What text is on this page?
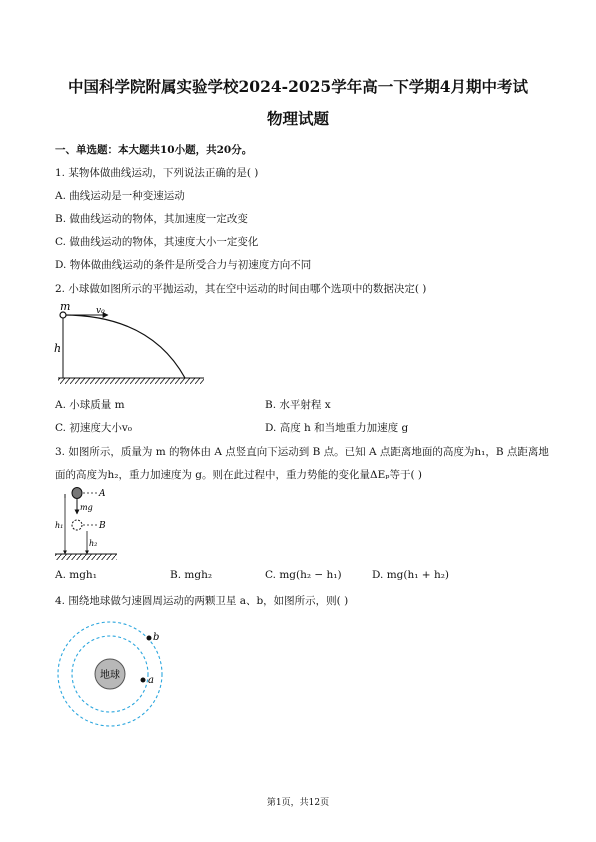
中国科学院附属实验学校2024-2025学年高一下学期4月期中考试
物理试题
一、单选题：本大题共10小题，共20分。
1. 某物体做曲线运动，下列说法正确的是( )
A. 曲线运动是一种变速运动
B. 做曲线运动的物体，其加速度一定改变
C. 做曲线运动的物体，其速度大小一定变化
D. 物体做曲线运动的条件是所受合力与初速度方向不同
2. 小球做如图所示的平抛运动，其在空中运动的时间由哪个选项中的数据决定( )
m	v₀
h
A. 小球质量 m	B. 水平射程 x
C. 初速度大小v₀	D. 高度 h 和当地重力加速度 g
3. 如图所示，质量为 m 的物体由 A 点竖直向下运动到 B 点。已知 A 点距离地面的高度为h₁，B 点距离地
面的高度为h₂，重力加速度为 g。则在此过程中，重力势能的变化量ΔEₚ等于( )
A
mg
B
h₁
h₂
A. mgh₁	B. mgh₂	C. mg(h₂ − h₁)	D. mg(h₁ + h₂)
4. 围绕地球做匀速圆周运动的两颗卫星 a、b，如图所示，则( )
地球
b
a
第1页，共12页
